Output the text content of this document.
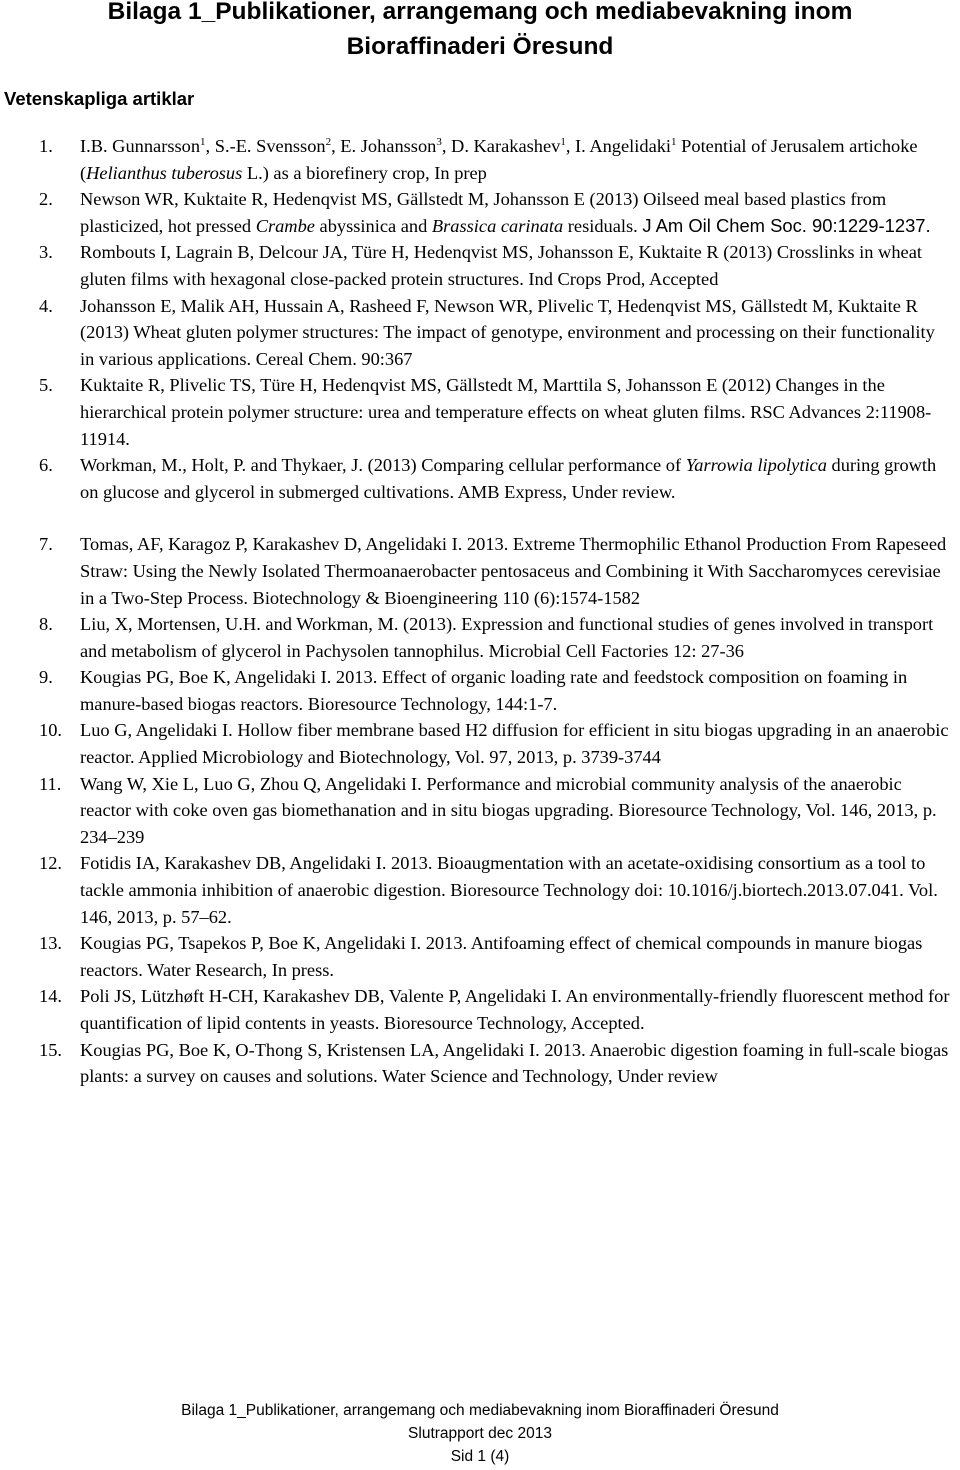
Bilaga 1_Publikationer, arrangemang och mediabevakning inom
Bioraffinaderi Öresund
Vetenskapliga artiklar
1. I.B. Gunnarsson$^1$, S.-E. Svensson$^2$, E. Johansson$^3$, D. Karakashev$^1$, I. Angelidaki$^1$ Potential of Jerusalem artichoke (Helianthus tuberosus L.) as a biorefinery crop, In prep

2. Newson WR, Kuktaite R, Hedenqvist MS, Gällstedt M, Johansson E (2013) Oilseed meal based plastics from plasticized, hot pressed Crambe abyssinica and Brassica carinata residuals. J Am Oil Chem Soc. 90:1229-1237.

3. Rombouts I, Lagrain B, Delcour JA, Türe H, Hedenqvist MS, Johansson E, Kuktaite R (2013) Crosslinks in wheat gluten films with hexagonal close-packed protein structures. Ind Crops Prod, Accepted

4. Johansson E, Malik AH, Hussain A, Rasheed F, Newson WR, Plivelic T, Hedenqvist MS, Gällstedt M, Kuktaite R (2013) Wheat gluten polymer structures: The impact of genotype, environment and processing on their functionality in various applications. Cereal Chem. 90:367

5. Kuktaite R, Plivelic TS, Türe H, Hedenqvist MS, Gällstedt M, Marttila S, Johansson E (2012) Changes in the hierarchical protein polymer structure: urea and temperature effects on wheat gluten films. RSC Advances 2:11908-11914.

6. Workman, M., Holt, P. and Thykaer, J. (2013) Comparing cellular performance of Yarrowia lipolytica during growth on glucose and glycerol in submerged cultivations. AMB Express, Under review.

7. Tomas, AF, Karagoz P, Karakashev D, Angelidaki I. 2013. Extreme Thermophilic Ethanol Production From Rapeseed Straw: Using the Newly Isolated Thermoanaerobacter pentosaceus and Combining it With Saccharomyces cerevisiae in a Two-Step Process. Biotechnology & Bioengineering 110 (6):1574-1582

8. Liu, X, Mortensen, U.H. and Workman, M. (2013). Expression and functional studies of genes involved in transport and metabolism of glycerol in Pachysolen tannophilus. Microbial Cell Factories 12: 27-36

9. Kougias PG, Boe K, Angelidaki I. 2013. Effect of organic loading rate and feedstock composition on foaming in manure-based biogas reactors. Bioresource Technology, 144:1-7.

10. Luo G, Angelidaki I. Hollow fiber membrane based H2 diffusion for efficient in situ biogas upgrading in an anaerobic reactor. Applied Microbiology and Biotechnology, Vol. 97, 2013, p. 3739-3744

11. Wang W, Xie L, Luo G, Zhou Q, Angelidaki I. Performance and microbial community analysis of the anaerobic reactor with coke oven gas biomethanation and in situ biogas upgrading. Bioresource Technology, Vol. 146, 2013, p. 234–239

12. Fotidis IA, Karakashev DB, Angelidaki I. 2013. Bioaugmentation with an acetate-oxidising consortium as a tool to tackle ammonia inhibition of anaerobic digestion. Bioresource Technology doi: 10.1016/j.biortech.2013.07.041. Vol. 146, 2013, p. 57–62.

13. Kougias PG, Tsapekos P, Boe K, Angelidaki I. 2013. Antifoaming effect of chemical compounds in manure biogas reactors. Water Research, In press.

14. Poli JS, Lützhøft H-CH, Karakashev DB, Valente P, Angelidaki I. An environmentally-friendly fluorescent method for quantification of lipid contents in yeasts. Bioresource Technology, Accepted.

15. Kougias PG, Boe K, O-Thong S, Kristensen LA, Angelidaki I. 2013. Anaerobic digestion foaming in full-scale biogas plants: a survey on causes and solutions. Water Science and Technology, Under review

Bilaga 1_Publikationer, arrangemang och mediabevakning inom Bioraffinaderi Öresund
Slutrapport dec 2013
Sid 1 (4)
